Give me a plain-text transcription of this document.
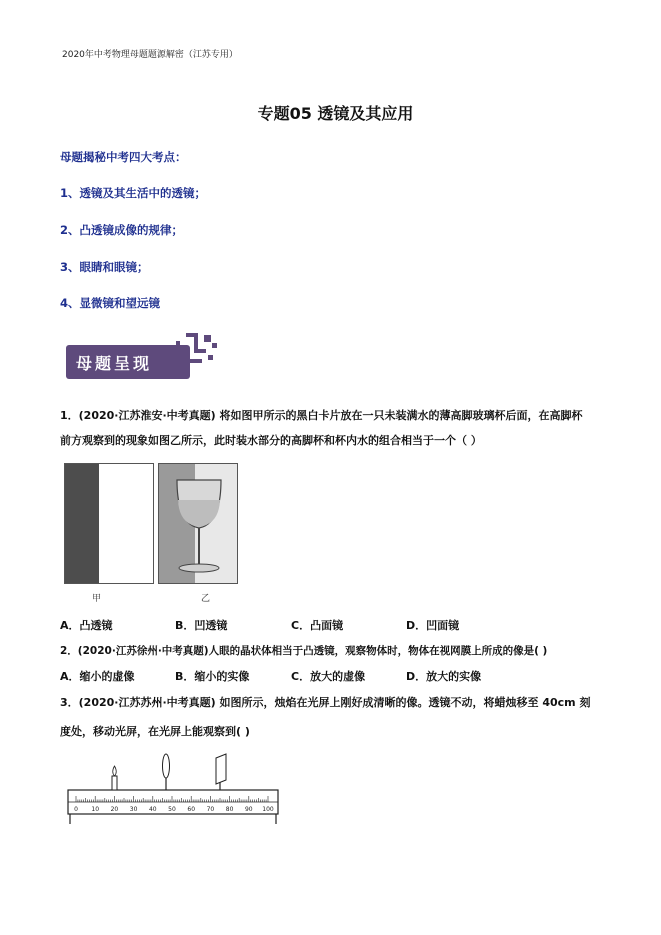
2020年中考物理母题题源解密（江苏专用）
专题05 透镜及其应用
母题揭秘中考四大考点：
1、透镜及其生活中的透镜；
2、凸透镜成像的规律；
3、眼睛和眼镜；
4、显微镜和望远镜
母题呈现
1．(2020·江苏淮安·中考真题) 将如图甲所示的黑白卡片放在一只未装满水的薄高脚玻璃杯后面，在高脚杯
前方观察到的现象如图乙所示，此时装水部分的高脚杯和杯内水的组合相当于一个（ ）
甲	乙
A．凸透镜	B．凹透镜	C．凸面镜	D．凹面镜
2．(2020·江苏徐州·中考真题)人眼的晶状体相当于凸透镜，观察物体时，物体在视网膜上所成的像是( )
A．缩小的虚像	B．缩小的实像	C．放大的虚像	D．放大的实像
3．(2020·江苏苏州·中考真题) 如图所示，烛焰在光屏上刚好成清晰的像。透镜不动，将蜡烛移至 40cm 刻
度处，移动光屏，在光屏上能观察到( )
0 10 20 30 40 50 60 70 80 90 100
